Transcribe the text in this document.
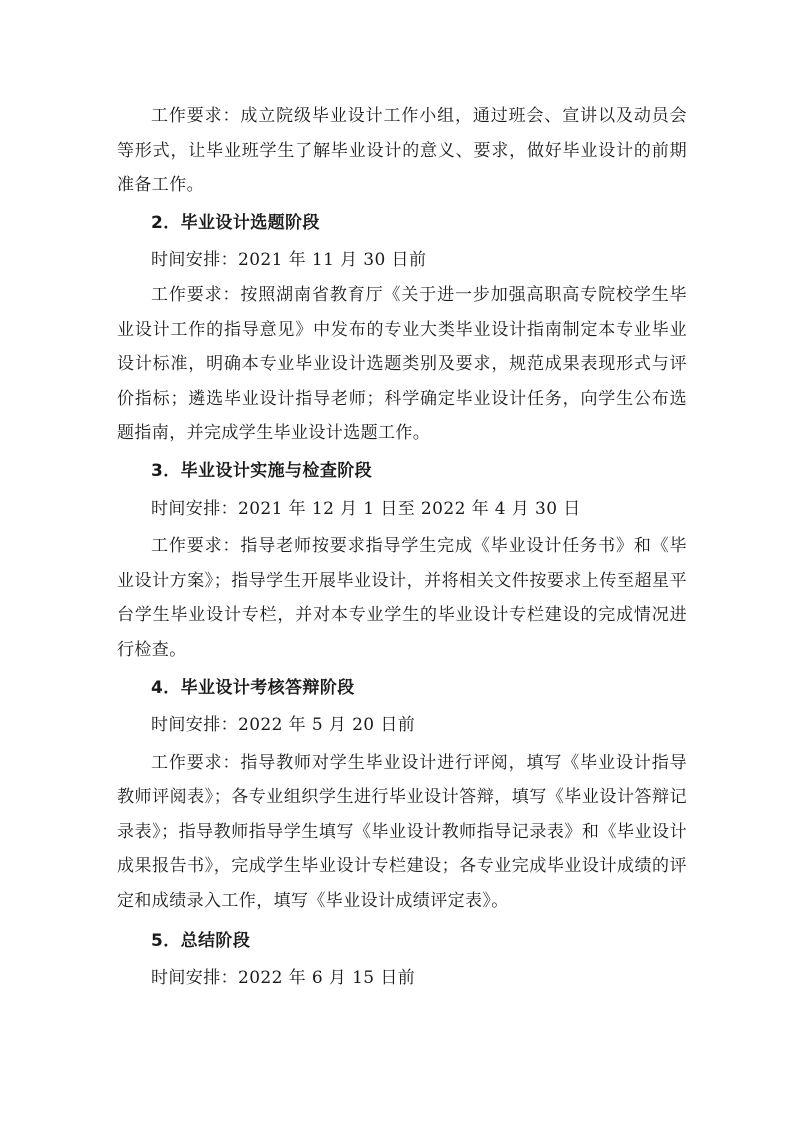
工作要求：成立院级毕业设计工作小组，通过班会、宣讲以及动员会等形式，让毕业班学生了解毕业设计的意义、要求，做好毕业设计的前期准备工作。

2．毕业设计选题阶段

时间安排：2021 年 11 月 30 日前

工作要求：按照湖南省教育厅《关于进一步加强高职高专院校学生毕业设计工作的指导意见》中发布的专业大类毕业设计指南制定本专业毕业设计标准，明确本专业毕业设计选题类别及要求，规范成果表现形式与评价指标；遴选毕业设计指导老师；科学确定毕业设计任务，向学生公布选题指南，并完成学生毕业设计选题工作。

3．毕业设计实施与检查阶段

时间安排：2021 年 12 月 1 日至 2022 年 4 月 30 日

工作要求：指导老师按要求指导学生完成《毕业设计任务书》和《毕业设计方案》；指导学生开展毕业设计，并将相关文件按要求上传至超星平台学生毕业设计专栏，并对本专业学生的毕业设计专栏建设的完成情况进行检查。

4．毕业设计考核答辩阶段

时间安排：2022 年 5 月 20 日前

工作要求：指导教师对学生毕业设计进行评阅，填写《毕业设计指导教师评阅表》；各专业组织学生进行毕业设计答辩，填写《毕业设计答辩记录表》；指导教师指导学生填写《毕业设计教师指导记录表》和《毕业设计成果报告书》，完成学生毕业设计专栏建设；各专业完成毕业设计成绩的评定和成绩录入工作，填写《毕业设计成绩评定表》。

5．总结阶段

时间安排：2022 年 6 月 15 日前
